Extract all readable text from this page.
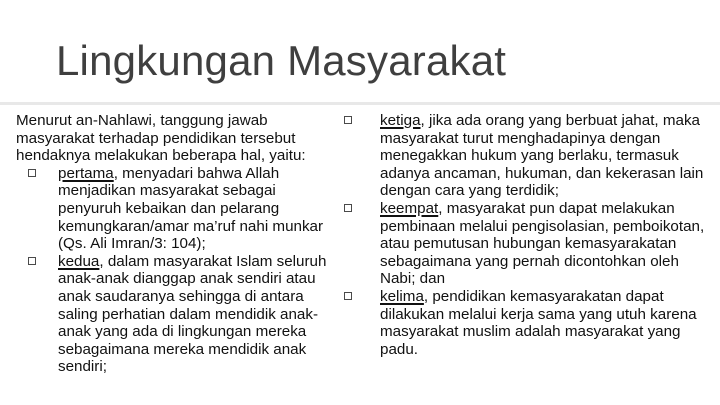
Lingkungan Masyarakat

Menurut an-Nahlawi, tanggung jawab masyarakat terhadap pendidikan tersebut hendaknya melakukan beberapa hal, yaitu:

pertama, menyadari bahwa Allah menjadikan masyarakat sebagai penyuruh kebaikan dan pelarang kemungkaran/amar ma’ruf nahi munkar (Qs. Ali Imran/3: 104);
kedua, dalam masyarakat Islam seluruh anak-anak dianggap anak sendiri atau anak saudaranya sehingga di antara saling perhatian dalam mendidik anak-anak yang ada di lingkungan mereka sebagaimana mereka mendidik anak sendiri;
ketiga, jika ada orang yang berbuat jahat, maka masyarakat turut menghadapinya dengan menegakkan hukum yang berlaku, termasuk adanya ancaman, hukuman, dan kekerasan lain dengan cara yang terdidik;
keempat, masyarakat pun dapat melakukan pembinaan melalui pengisolasian, pemboikotan, atau pemutusan hubungan kemasyarakatan sebagaimana yang pernah dicontohkan oleh Nabi; dan
kelima, pendidikan kemasyarakatan dapat dilakukan melalui kerja sama yang utuh karena masyarakat muslim adalah masyarakat yang padu.
